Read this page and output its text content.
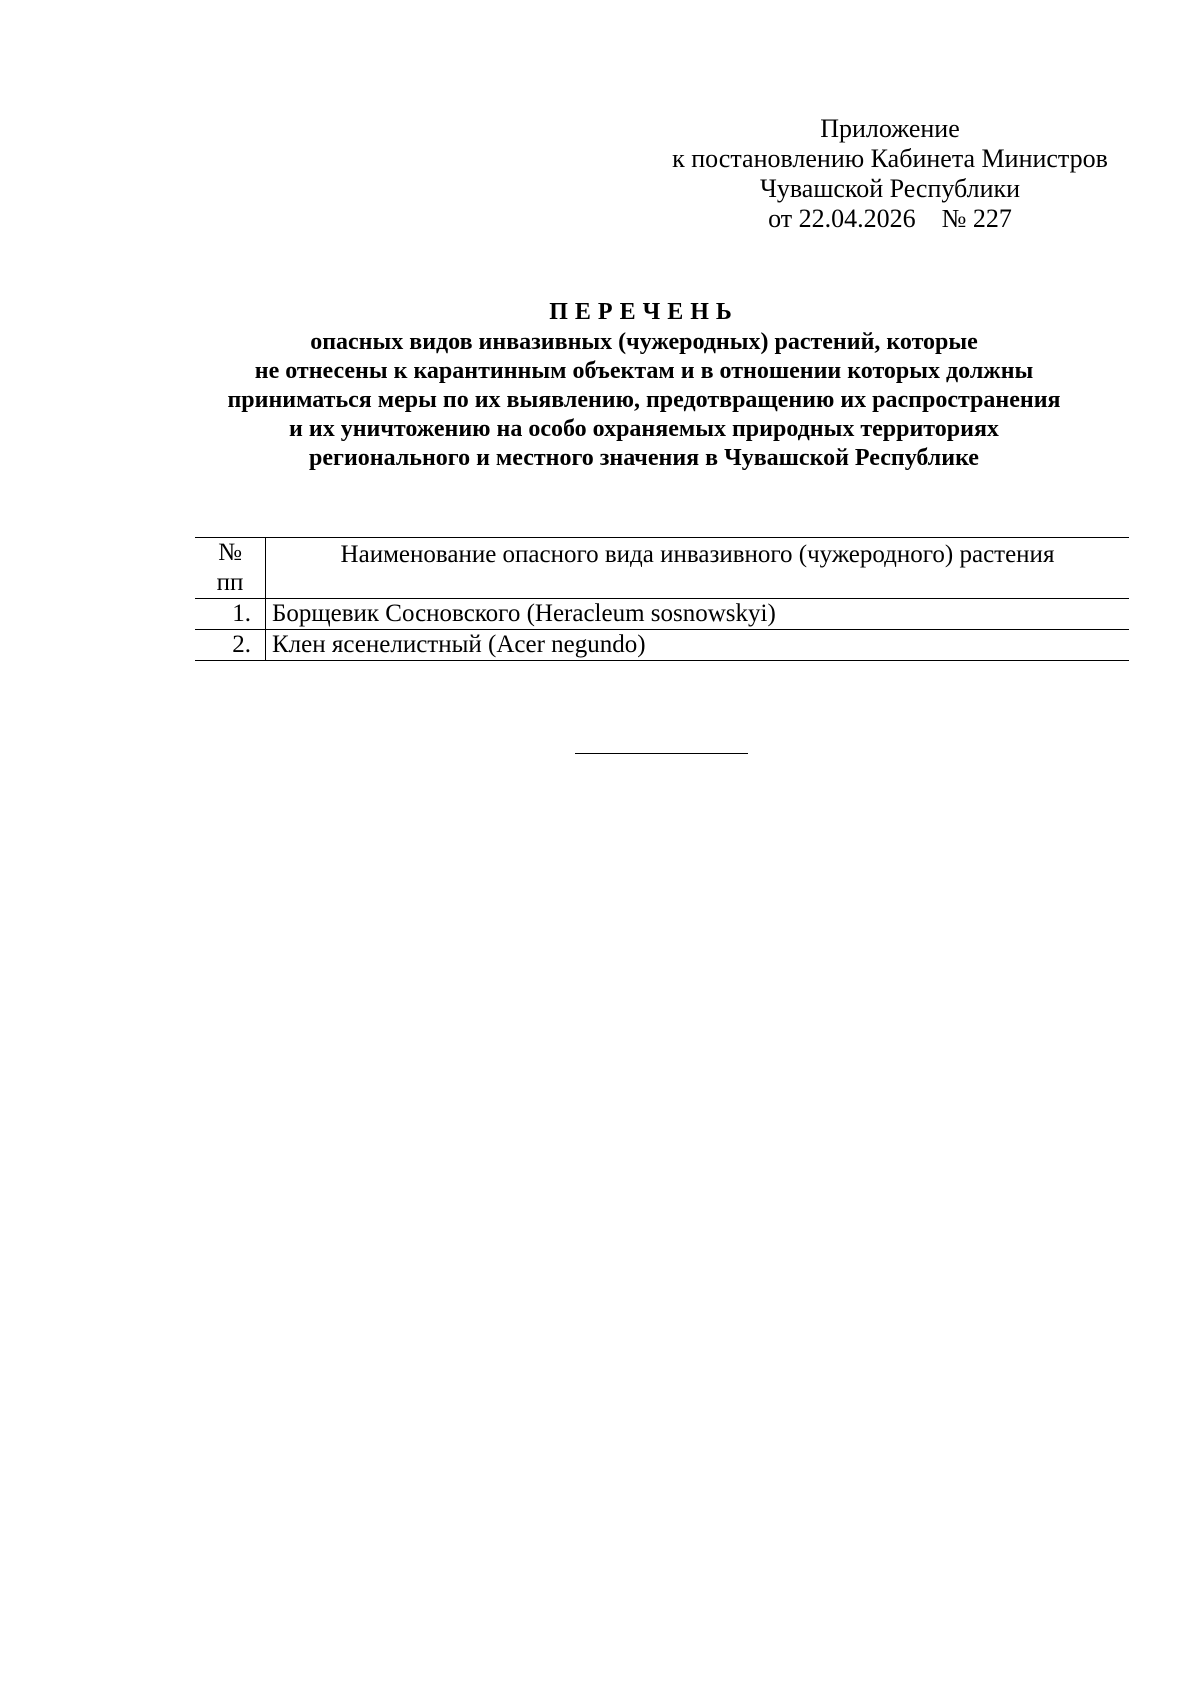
Приложение
к постановлению Кабинета Министров
Чувашской Республики
от 22.04.2026    № 227
ПЕРЕЧЕНЬ
опасных видов инвазивных (чужеродных) растений, которые
не отнесены к карантинным объектам и в отношении которых должны
приниматься меры по их выявлению, предотвращению их распространения
и их уничтожению на особо охраняемых природных территориях
регионального и местного значения в Чувашской Республике
№
пп	Наименование опасного вида инвазивного (чужеродного) растения
1.	Борщевик Сосновского (Heracleum sosnowskyi)
2.	Клен ясенелистный (Acer negundo)
